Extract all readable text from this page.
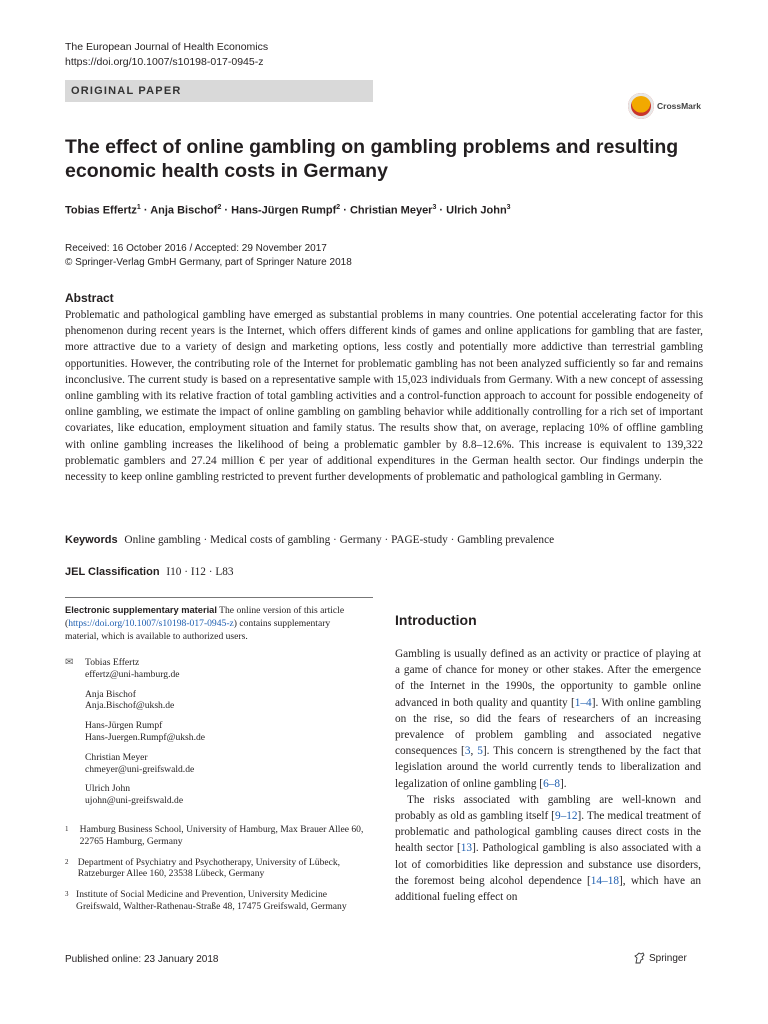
The European Journal of Health Economics
https://doi.org/10.1007/s10198-017-0945-z
ORIGINAL PAPER
CrossMark
The effect of online gambling on gambling problems and resulting economic health costs in Germany
Tobias Effertz$^1$ · Anja Bischof$^2$ · Hans-Jürgen Rumpf$^2$ · Christian Meyer$^3$ · Ulrich John$^3$
Received: 16 October 2016 / Accepted: 29 November 2017
© Springer-Verlag GmbH Germany, part of Springer Nature 2018
Abstract
Problematic and pathological gambling have emerged as substantial problems in many countries. One potential accelerating factor for this phenomenon during recent years is the Internet, which offers different kinds of games and online applications for gambling that are faster, more attractive due to a variety of design and marketing options, less costly and potentially more addictive than terrestrial gambling opportunities. However, the contributing role of the Internet for problematic gambling has not been analyzed sufficiently so far and remains inconclusive. The current study is based on a representative sample with 15,023 individuals from Germany. With a new concept of assessing online gambling with its relative fraction of total gambling activities and a control-function approach to account for possible endogeneity of online gambling, we estimate the impact of online gambling on gambling behavior while additionally controlling for a rich set of important covariates, like education, employment situation and family status. The results show that, on average, replacing 10% of offline gambling with online gambling increases the likelihood of being a problematic gambler by 8.8–12.6%. This increase is equivalent to 139,322 problematic gamblers and 27.24 million € per year of additional expenditures in the German health sector. Our findings underpin the necessity to keep online gambling restricted to prevent further developments of problematic and pathological gambling in Germany.
Keywords Online gambling · Medical costs of gambling · Germany · PAGE-study · Gambling prevalence
JEL Classification I10 · I12 · L83
Electronic supplementary material The online version of this article (https://doi.org/10.1007/s10198-017-0945-z) contains supplementary material, which is available to authorized users.
✉	Tobias Effertz
effertz@uni-hamburg.de
Anja Bischof
Anja.Bischof@uksh.de
Hans-Jürgen Rumpf
Hans-Juergen.Rumpf@uksh.de
Christian Meyer
chmeyer@uni-greifswald.de
Ulrich John
ujohn@uni-greifswald.de
1	Hamburg Business School, University of Hamburg, Max Brauer Allee 60, 22765 Hamburg, Germany
2 Department of Psychiatry and Psychotherapy, University of Lübeck, Ratzeburger Allee 160, 23538 Lübeck, Germany
3 Institute of Social Medicine and Prevention, University Medicine Greifswald, Walther-Rathenau-Straße 48, 17475 Greifswald, Germany
Published online: 23 January 2018	Springer
Introduction

Gambling is usually defined as an activity or practice of playing at a game of chance for money or other stakes. After the emergence of the Internet in the 1990s, the opportunity to gamble online advanced in both quality and quantity [1–4]. With online gambling on the rise, so did the fears of researchers of an increasing prevalence of problem gambling and associated negative consequences [3, 5]. This concern is strengthened by the fact that legislation around the world currently tends to liberalization and legalization of online gambling [6–8].

The risks associated with gambling are well-known and probably as old as gambling itself [9–12]. The medical treatment of problematic and pathological gambling causes direct costs in the health sector [13]. Pathological gambling is also associated with a lot of comorbidities like depression and substance use disorders, the foremost being alcohol dependence [14–18], which have an additional fueling effect on
